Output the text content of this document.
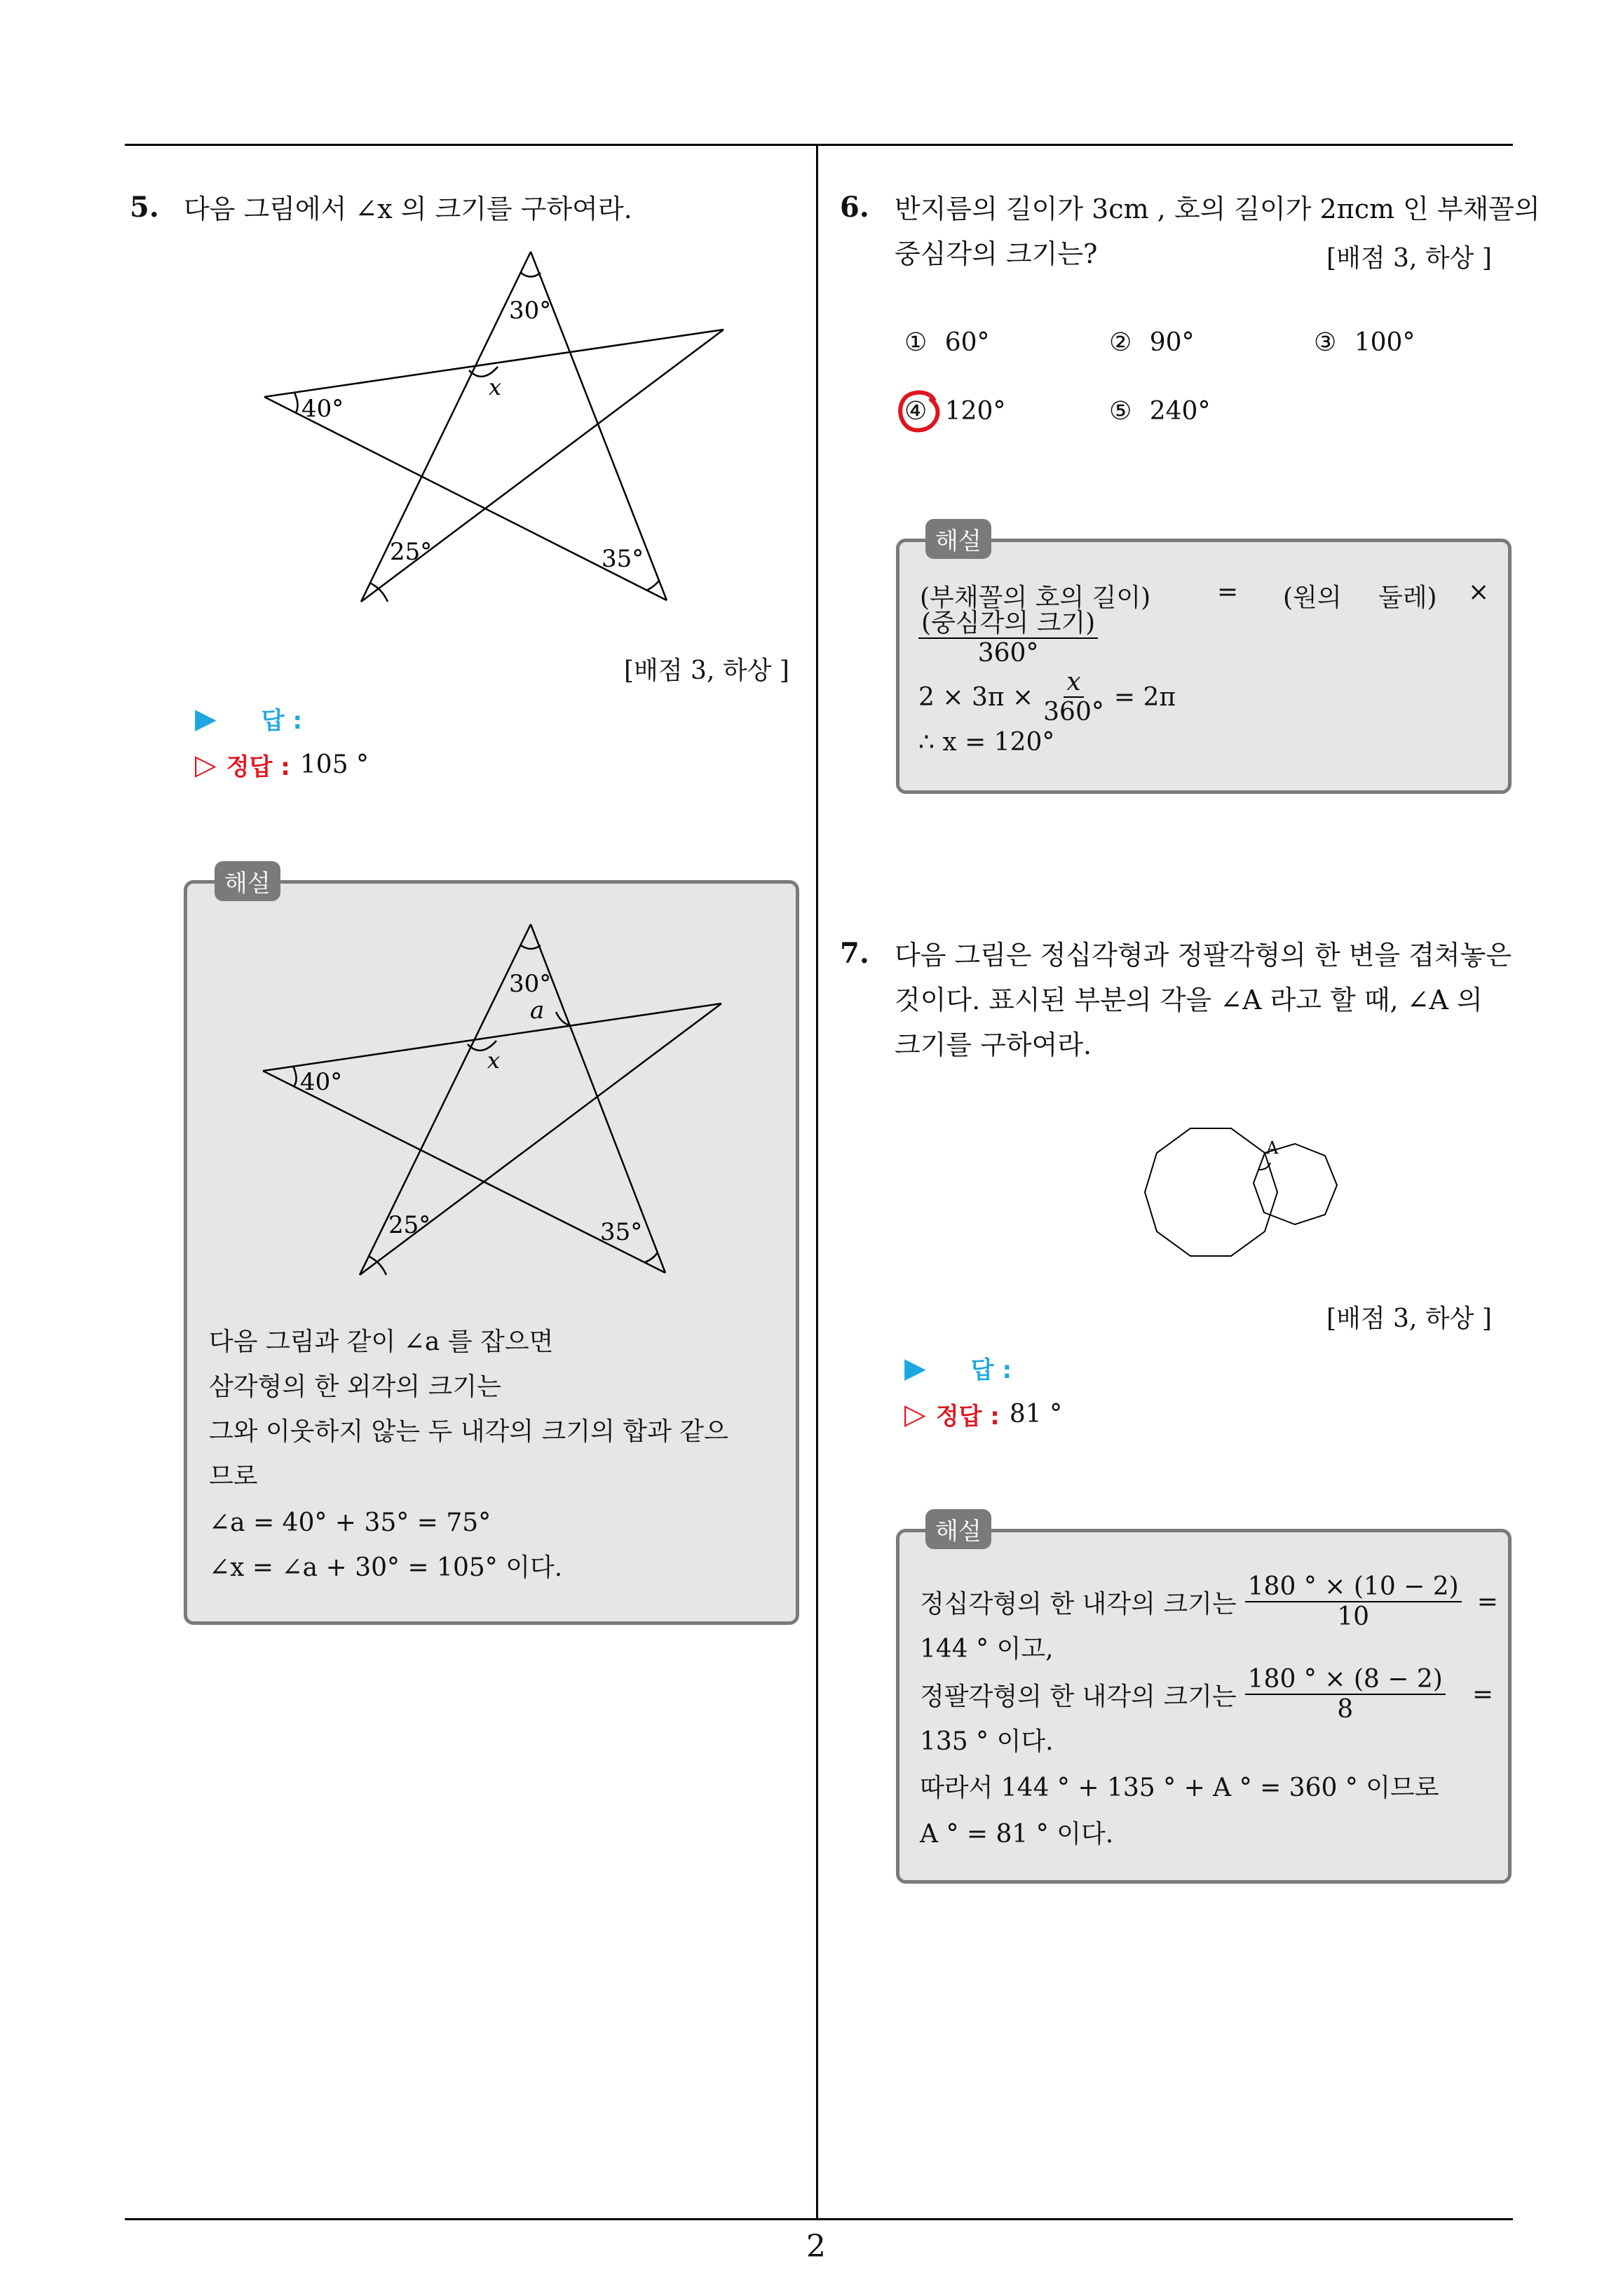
2
5. 다음 그림에서 ∠x 의 크기를 구하여라.
30°
40°
x
25°	35°
[배점 3, 하상 ]
▶ 답 :
▷ 정답 : 105 °
해설
30°
a
40°
x
25°	35°
다음 그림과 같이 ∠a 를 잡으면
삼각형의 한 외각의 크기는
그와 이웃하지 않는 두 내각의 크기의 합과 같으
므로
∠a = 40° + 35° = 75°
∠x = ∠a + 30° = 105° 이다.
6. 반지름의 길이가 3cm , 호의 길이가 2πcm 인 부채꼴의
중심각의 크기는?	[배점 3, 하상 ]
① 60°	② 90°	③ 100°
④ 120°	⑤ 240°
해설
(부채꼴의 호의 길이)	= (원의 둘레) ×
(중심각의 크기)
360°
$2 \times 3\pi \times \frac{x}{360^\circ} = 2\pi$
∴ x = 120°
7. 다음 그림은 정십각형과 정팔각형의 한 변을 겹쳐놓은
것이다. 표시된 부분의 각을 ∠A 라고 할 때, ∠A 의
크기를 구하여라.
A
[배점 3, 하상 ]
▶ 답 :
▷ 정답 : 81 °
해설
정십각형의 한 내각의 크기는 $\frac{180 ^\circ \times (10 - 2)}{10}$ =
144 ° 이고,
정팔각형의 한 내각의 크기는 $\frac{180 ^\circ \times (8 - 2)}{8}$ =
135 ° 이다.
따라서 144 ° + 135 ° + A ° = 360 ° 이므로
A ° = 81 ° 이다.
